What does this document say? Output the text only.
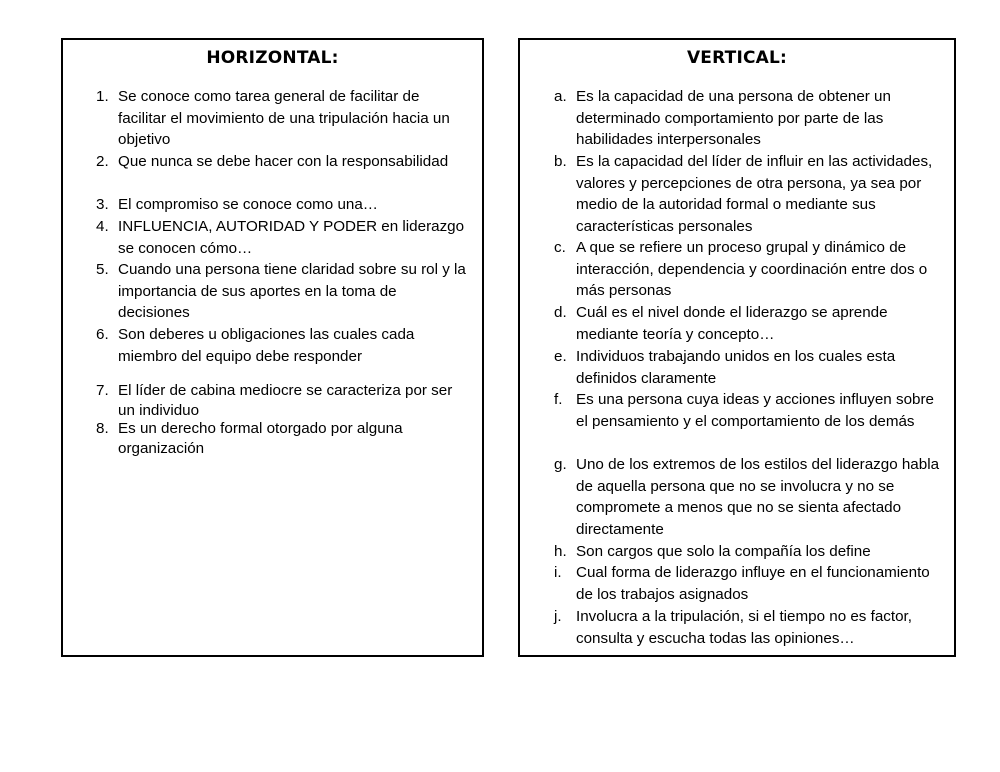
HORIZONTAL:
1. Se conoce como tarea general de facilitar de facilitar el movimiento de una tripulación hacia un objetivo
2. Que nunca se debe hacer con la responsabilidad
3. El compromiso se conoce como una…
4. INFLUENCIA, AUTORIDAD Y PODER en liderazgo se conocen cómo…
5. Cuando una persona tiene claridad sobre su rol y la importancia de sus aportes en la toma de decisiones
6. Son deberes u obligaciones las cuales cada miembro del equipo debe responder
7. El líder de cabina mediocre se caracteriza por ser un individuo
8. Es un derecho formal otorgado por alguna organización
VERTICAL:
a. Es la capacidad de una persona de obtener un determinado comportamiento por parte de las habilidades interpersonales
b. Es la capacidad del líder de influir en las actividades, valores y percepciones de otra persona, ya sea por medio de la autoridad formal o mediante sus características personales
c. A que se refiere un proceso grupal y dinámico de interacción, dependencia y coordinación entre dos o más personas
d. Cuál es el nivel donde el liderazgo se aprende mediante teoría y concepto…
e. Individuos trabajando unidos en los cuales esta definidos claramente
f. Es una persona cuya ideas y acciones influyen sobre el pensamiento y el comportamiento de los demás
g. Uno de los extremos de los estilos del liderazgo habla de aquella persona que no se involucra y no se compromete a menos que no se sienta afectado directamente
h. Son cargos que solo la compañía los define
i. Cual forma de liderazgo influye en el funcionamiento de los trabajos asignados
j. Involucra a la tripulación, si el tiempo no es factor, consulta y escucha todas las opiniones…
